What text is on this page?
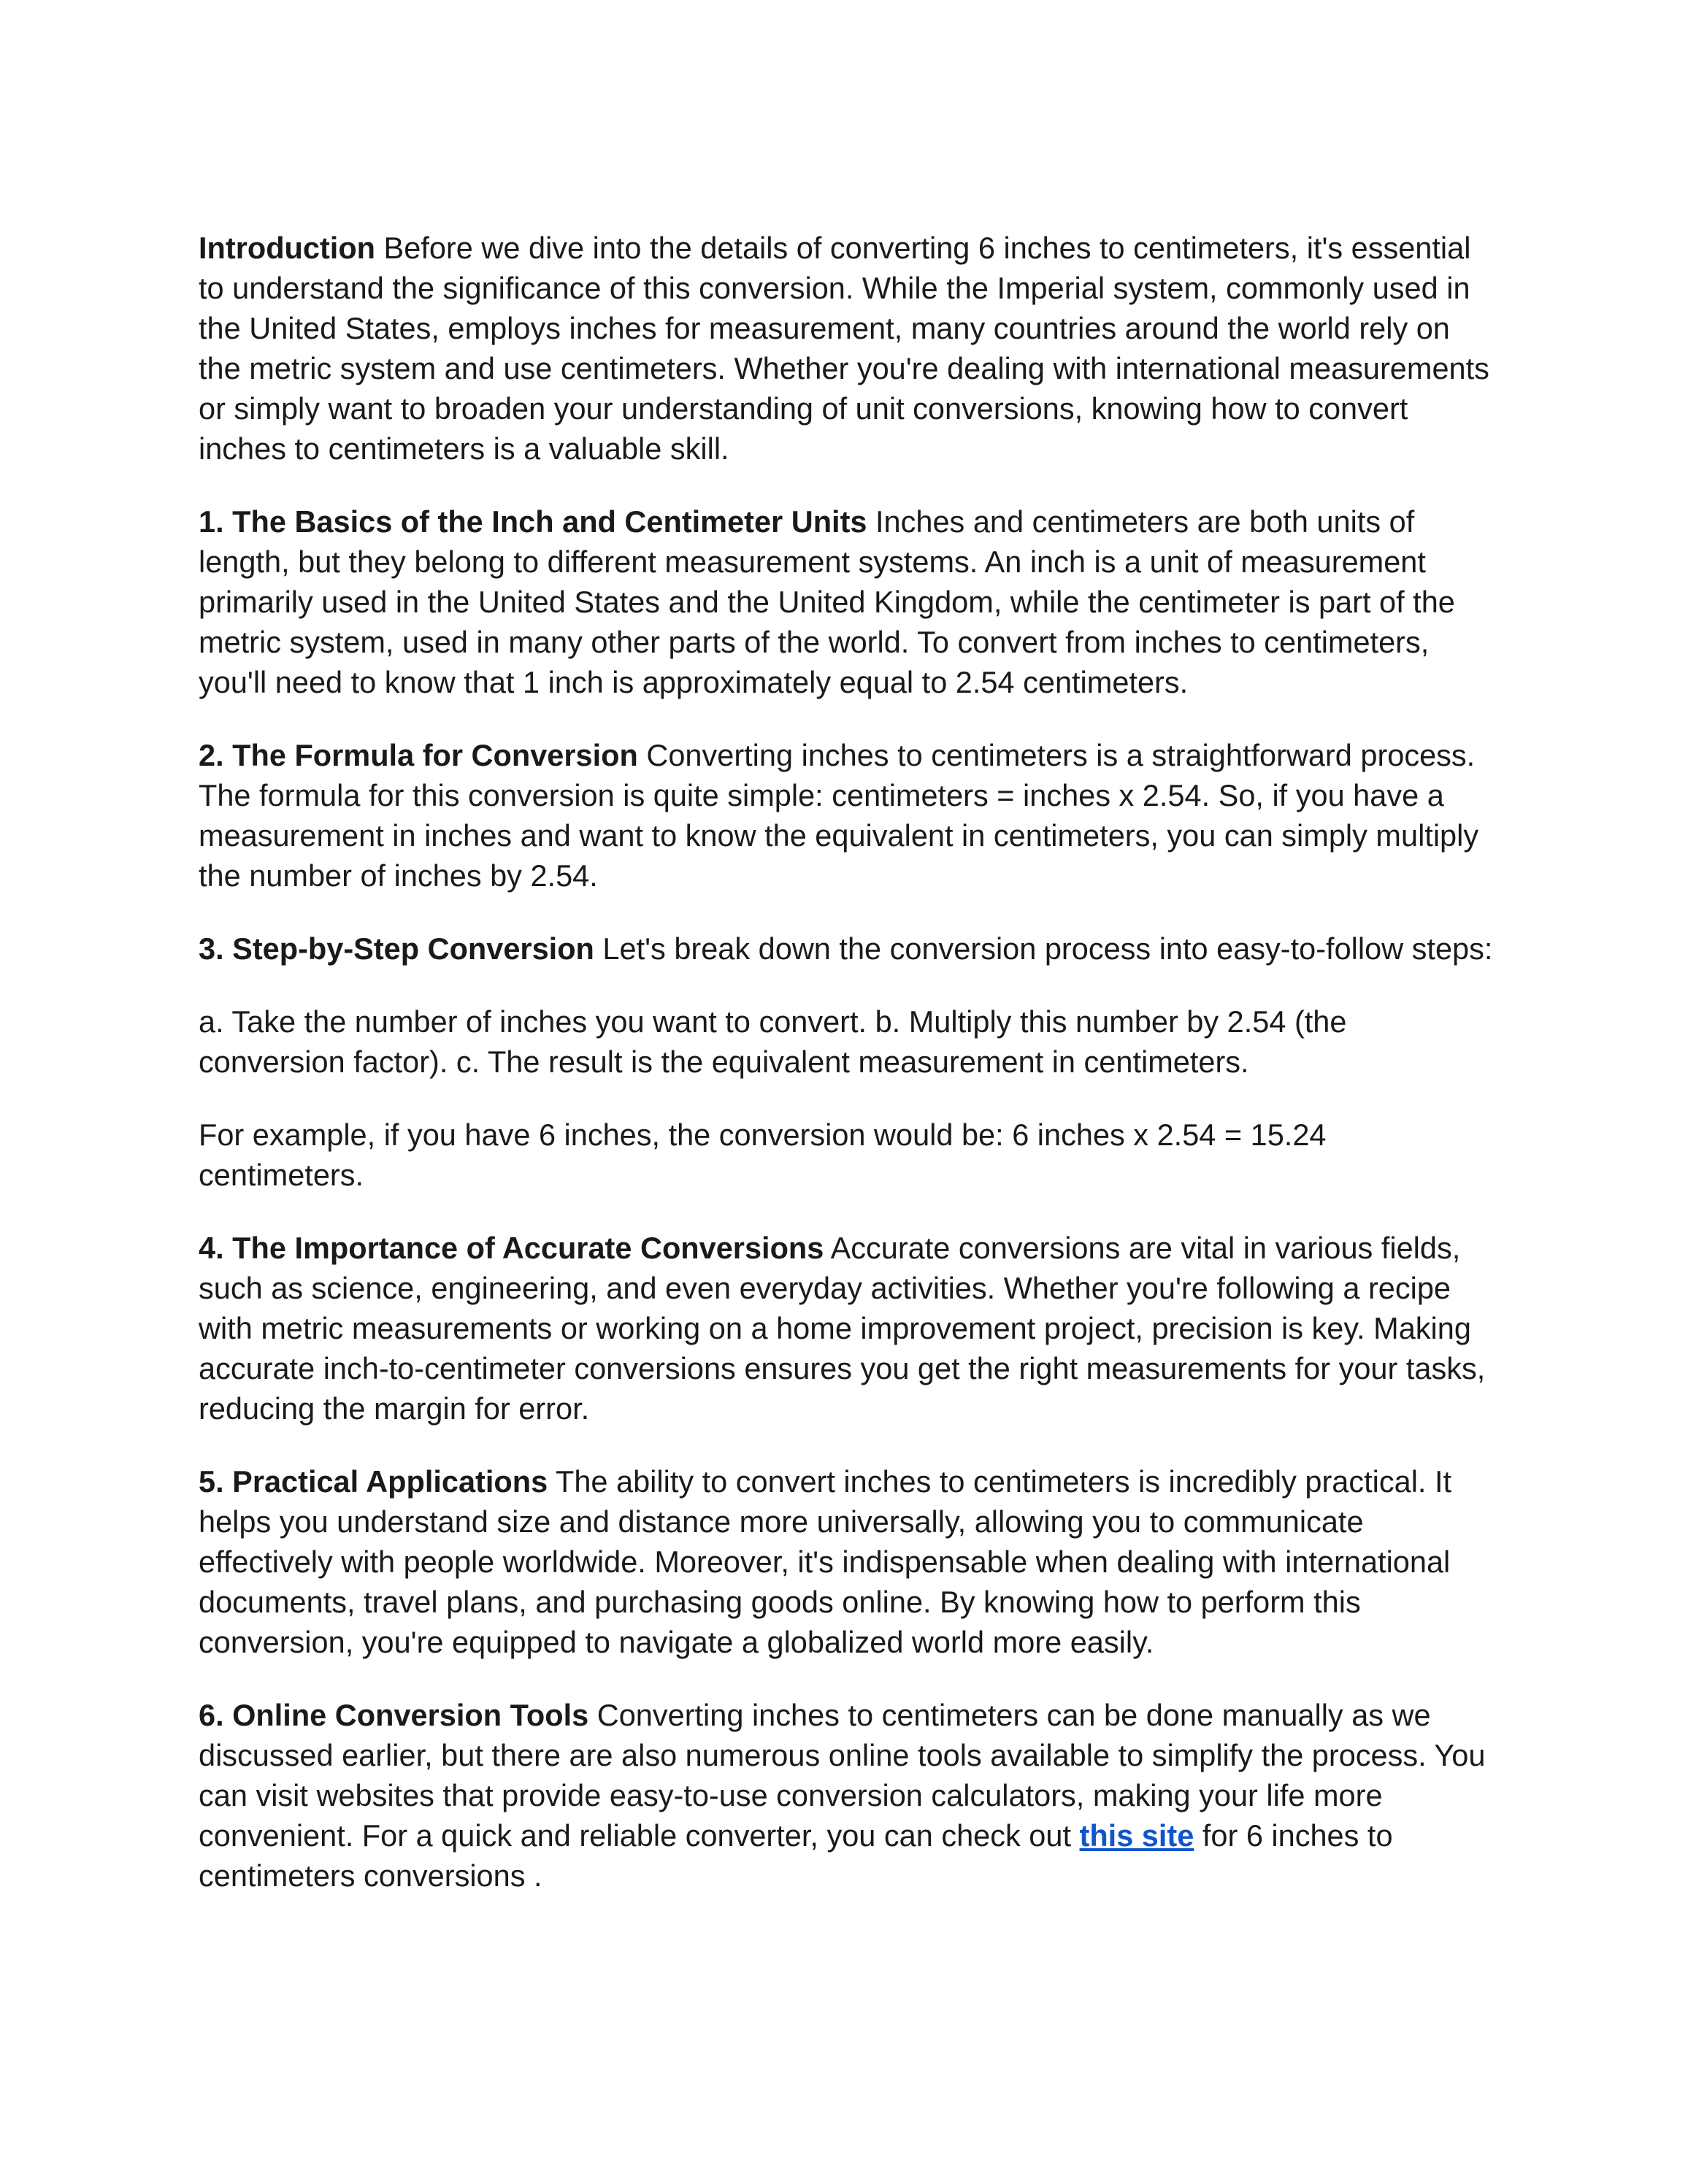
Introduction Before we dive into the details of converting 6 inches to centimeters, it's essential to understand the significance of this conversion. While the Imperial system, commonly used in the United States, employs inches for measurement, many countries around the world rely on the metric system and use centimeters. Whether you're dealing with international measurements or simply want to broaden your understanding of unit conversions, knowing how to convert inches to centimeters is a valuable skill.

1. The Basics of the Inch and Centimeter Units Inches and centimeters are both units of length, but they belong to different measurement systems. An inch is a unit of measurement primarily used in the United States and the United Kingdom, while the centimeter is part of the metric system, used in many other parts of the world. To convert from inches to centimeters, you'll need to know that 1 inch is approximately equal to 2.54 centimeters.

2. The Formula for Conversion Converting inches to centimeters is a straightforward process. The formula for this conversion is quite simple: centimeters = inches x 2.54. So, if you have a measurement in inches and want to know the equivalent in centimeters, you can simply multiply the number of inches by 2.54.

3. Step-by-Step Conversion Let's break down the conversion process into easy-to-follow steps:

a. Take the number of inches you want to convert. b. Multiply this number by 2.54 (the conversion factor). c. The result is the equivalent measurement in centimeters.

For example, if you have 6 inches, the conversion would be: 6 inches x 2.54 = 15.24 centimeters.

4. The Importance of Accurate Conversions Accurate conversions are vital in various fields, such as science, engineering, and even everyday activities. Whether you're following a recipe with metric measurements or working on a home improvement project, precision is key. Making accurate inch-to-centimeter conversions ensures you get the right measurements for your tasks, reducing the margin for error.

5. Practical Applications The ability to convert inches to centimeters is incredibly practical. It helps you understand size and distance more universally, allowing you to communicate effectively with people worldwide. Moreover, it's indispensable when dealing with international documents, travel plans, and purchasing goods online. By knowing how to perform this conversion, you're equipped to navigate a globalized world more easily.

6. Online Conversion Tools Converting inches to centimeters can be done manually as we discussed earlier, but there are also numerous online tools available to simplify the process. You can visit websites that provide easy-to-use conversion calculators, making your life more convenient. For a quick and reliable converter, you can check out this site for 6 inches to centimeters conversions .
